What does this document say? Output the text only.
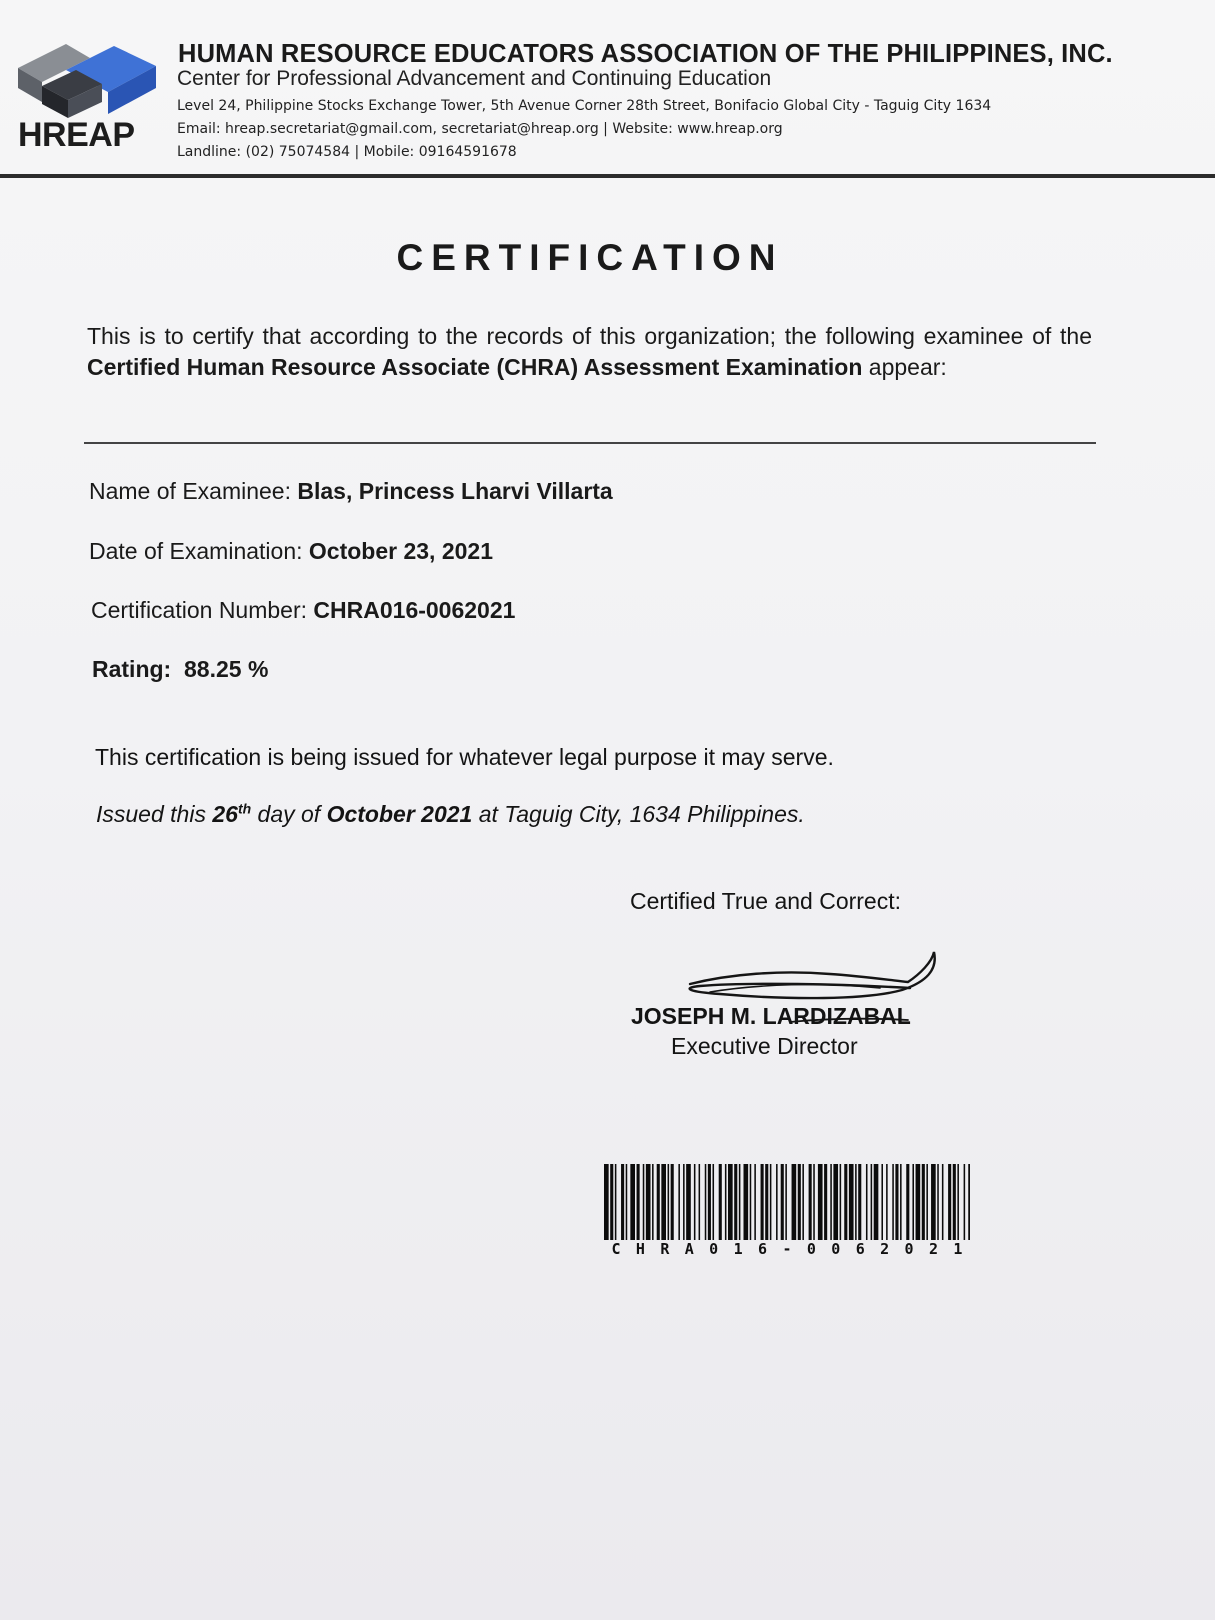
HREAP
HUMAN RESOURCE EDUCATORS ASSOCIATION OF THE PHILIPPINES, INC.
Center for Professional Advancement and Continuing Education
Level 24, Philippine Stocks Exchange Tower, 5th Avenue Corner 28th Street, Bonifacio Global City - Taguig City 1634
Email: hreap.secretariat@gmail.com, secretariat@hreap.org | Website: www.hreap.org
Landline: (02) 75074584 | Mobile: 09164591678
CERTIFICATION
This is to certify that according to the records of this organization; the following examinee of the Certified Human Resource Associate (CHRA) Assessment Examination appear:
Name of Examinee: Blas, Princess Lharvi Villarta
Date of Examination: October 23, 2021
Certification Number: CHRA016-0062021
Rating:  88.25 %
This certification is being issued for whatever legal purpose it may serve.
Issued this 26th day of October 2021 at Taguig City, 1634 Philippines.
Certified True and Correct:
JOSEPH M. LARDIZABAL
Executive Director
C	H	R	A	0	1	6	-	0	0	6	2	0	2	1
